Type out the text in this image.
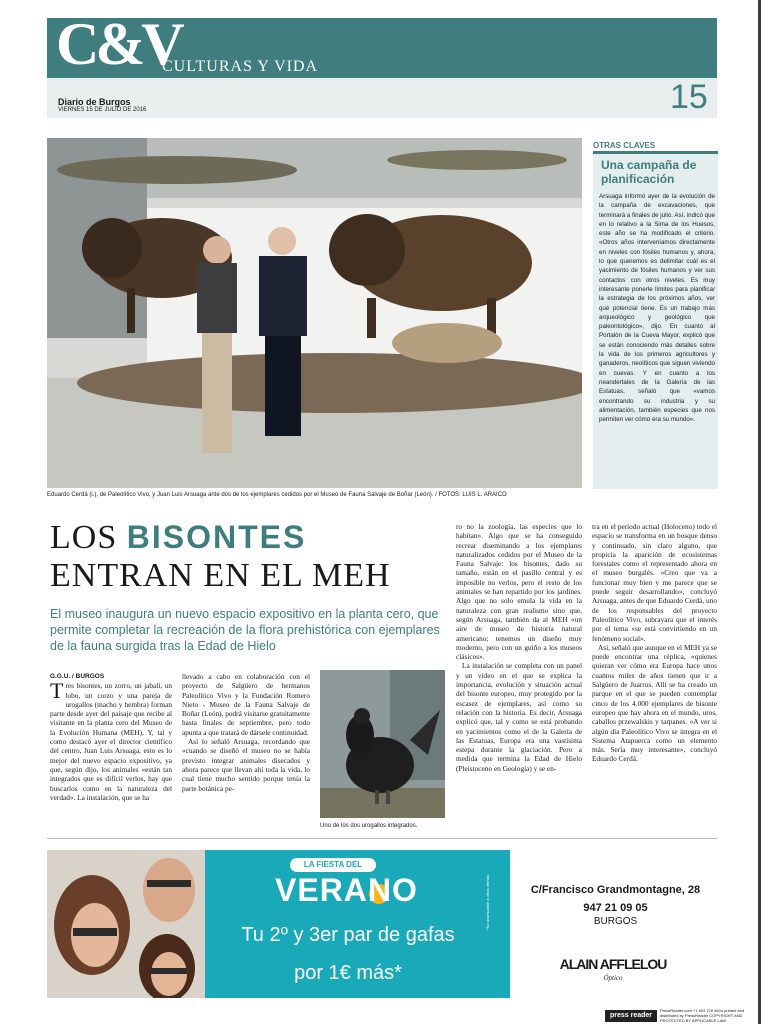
C&V
CULTURAS Y VIDA
Diario de Burgos
VIERNES 15 DE JULIO DE 2016	15
Eduardo Cerdá (i.), de Paleolítico Vivo, y Juan Luis Arsuaga ante dos de los ejemplares cedidos por el Museo de Fauna Salvaje de Boñar (León). / FOTOS: LUIS L. ARAICO
OTRAS CLAVES
Una campaña de planificación
Arsuaga informó ayer de la evolución de la campaña de excavaciones, que terminará a finales de julio. Así, indicó que en lo relativo a la Sima de los Huesos, este año se ha modificado el criterio. «Otros años interveníamos directamente en niveles con fósiles humanos y, ahora, lo que queremos es delimitar cuál es el yacimiento de fósiles humanos y ver sus contactos con otros niveles. Es muy interesante ponerle límites para planificar la estrategia de los próximos años, ver qué potencial tiene. Es un trabajo más arqueológico y geológico que paleontológico», dijo. En cuanto al Portalón de la Cueva Mayor, explicó que se están conociendo más detalles sobre la vida de los primeros agricultores y ganaderos, neolíticos que siguen viviendo en cuevas. Y en cuanto a los neandertales de la Galería de las Estatuas, señaló que «vamos encontrando su industria y su alimentación, también especies que nos permiten ver cómo era su mundo».
LOS BISONTES
ENTRAN EN EL MEH
El museo inaugura un nuevo espacio expositivo en la planta cero, que permite completar la recreación de la flora prehistórica con ejemplares de la fauna surgida tras la Edad de Hielo
G.G.U. / BURGOS

Tres bisontes, un zorro, un jabalí, un lobo, un corzo y una pareja de urogallos (macho y hembra) forman parte desde ayer del paisaje que recibe al visitante en la planta cero del Museo de la Evolución Humana (MEH). Y, tal y como destacó ayer el director científico del centro, Juan Luis Arsuaga, esto es lo mejor del nuevo espacio expositivo, ya que, según dijo, los animales «están tan integrados que es difícil verlos, hay que buscarlos como en la naturaleza del verdad». La instalación, que se ha

llevado a cabo en colaboración con el proyecto de Salgüero de hermanos Paleolítico Vivo y la Fundación Romero Nieto - Museo de la Fauna Salvaje de Boñar (León), podrá visitarse gratuitamente hasta finales de septiembre, pero todo apunta a que tratará de dársele continuidad.

Así lo señaló Arsuaga, recordando que «cuando se diseñó el museo no se había previsto integrar animales disecados y ahora parece que llevan ahí toda la vida, lo cual tiene mucho sentido porque tenía la parte botánica pe-

Uno de los dos urogallos integrados.

ro no la zoología, las especies que lo habitan». Algo que se ha conseguido recrear diseminando a los ejemplares naturalizados cedidos por el Museo de la Fauna Salvaje: los bisontes, dado su tamaño, están en el pasillo central y es imposible no verlos, pero el resto de los animales se han repartido por los jardines. Algo que no solo emula la vida en la naturaleza con gran realismo sino que, según Arsuaga, también da al MEH «un aire de museo de historia natural americano; tenemos un diseño muy moderno, pero con un guiño a los museos clásicos».

La instalación se completa con un panel y un vídeo en el que se explica la importancia, evolución y situación actual del bisonte europeo, muy protegido por la escasez de ejemplares, así como su relación con la historia. Es decir, Arsuaga explicó que, tal y como se está probando en yacimientos como el de la Galería de las Estatuas, Europa era una vastísima estepa durante la glaciación. Pero a medida que termina la Edad de Hielo (Pleistoceno en Geología) y se en-

tra en el período actual (Holoceno) todo el espacio se transforma en un bosque denso y continuado, sin claro alguno, que propicia la aparición de ecosistemas forestales como el representado ahora en el museo burgalés. «Creo que va a funcionar muy bien y me parece que se puede seguir desarrollando», concluyó Arsuaga, antes de que Eduardo Cerdá, uno de los responsables del proyecto Paleolítico Vivo, subrayara que el interés por el tema «se está convirtiendo en un fenómeno social».

Así, señaló que aunque en el MEH ya se puede encontrar una réplica, «quienes quieran ver cómo era Europa hace unos cuantos miles de años tienen que ir a Salgüero de Juarros. Allí se ha creado un parque en el que se pueden contemplar cinco de los 4.000 ejemplares de bisonte europeo que hay ahora en el mundo, uros, caballos przewalskis y tarpanes. «A ver si algún día Paleolítico Vivo se integra en el Sistema Atapuerca como un elemento más. Sería muy interesante», concluyó Eduardo Cerdá.

LA FIESTA DEL
VERANO
Tu 2º y 3er par de gafas
por 1€ más*
*No acumulable a otras ofertas.	C/Francisco Grandmontagne, 28
947 21 09 05
BURGOS
ALAIN AFFLELOU
Óptico
press reader
PressReader.com +1 604 278 4604 printed and distributed by PressReader COPYRIGHT AND PROTECTED BY APPLICABLE LAW
